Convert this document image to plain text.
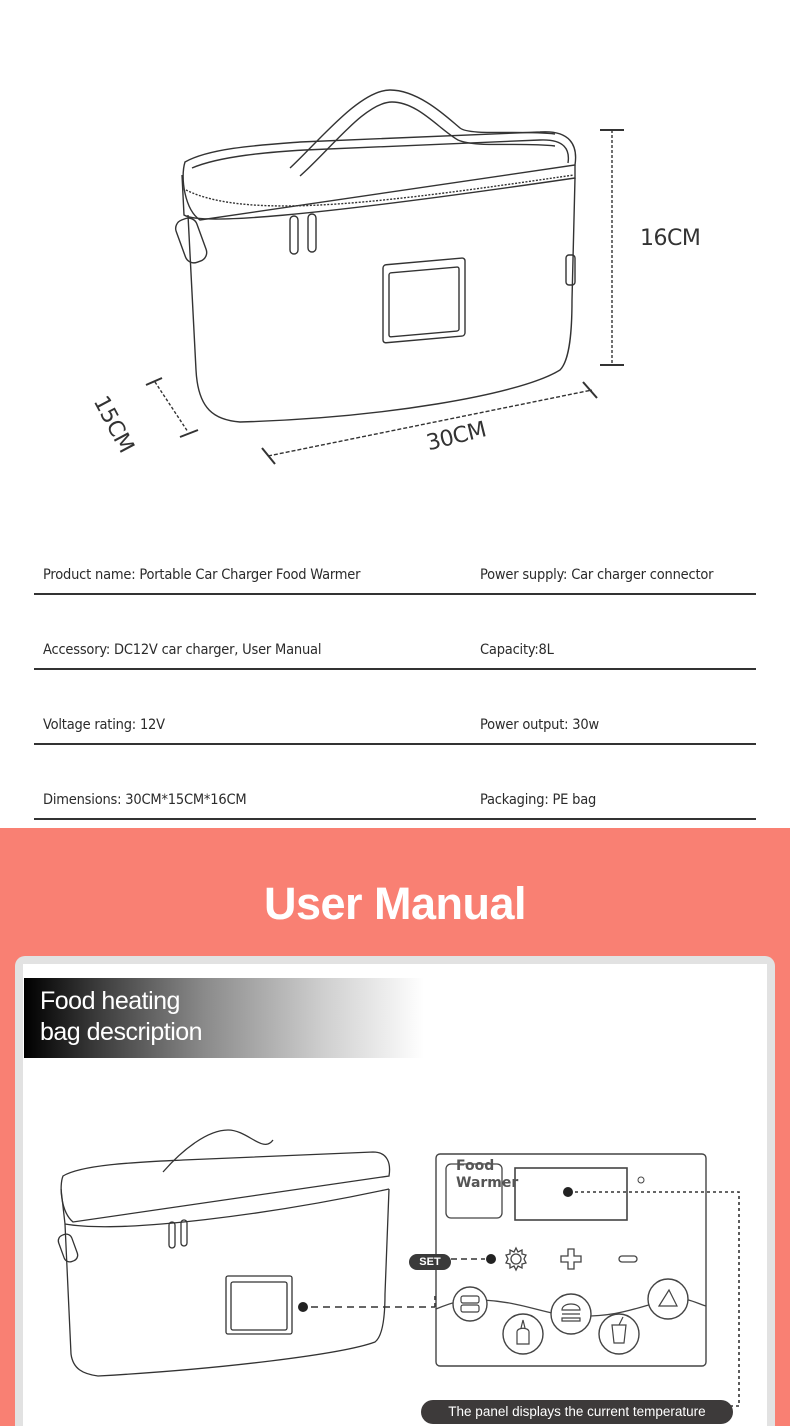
16CM
30CM
15CM
Product name: Portable Car Charger Food Warmer	Power supply: Car charger connector
Accessory: DC12V car charger, User Manual	Capacity:8L
Voltage rating: 12V	Power output: 30w
Dimensions: 30CM*15CM*16CM	Packaging: PE bag
User Manual
Food heating
bag description
Food
Warmer
SET
The panel displays the current temperature
